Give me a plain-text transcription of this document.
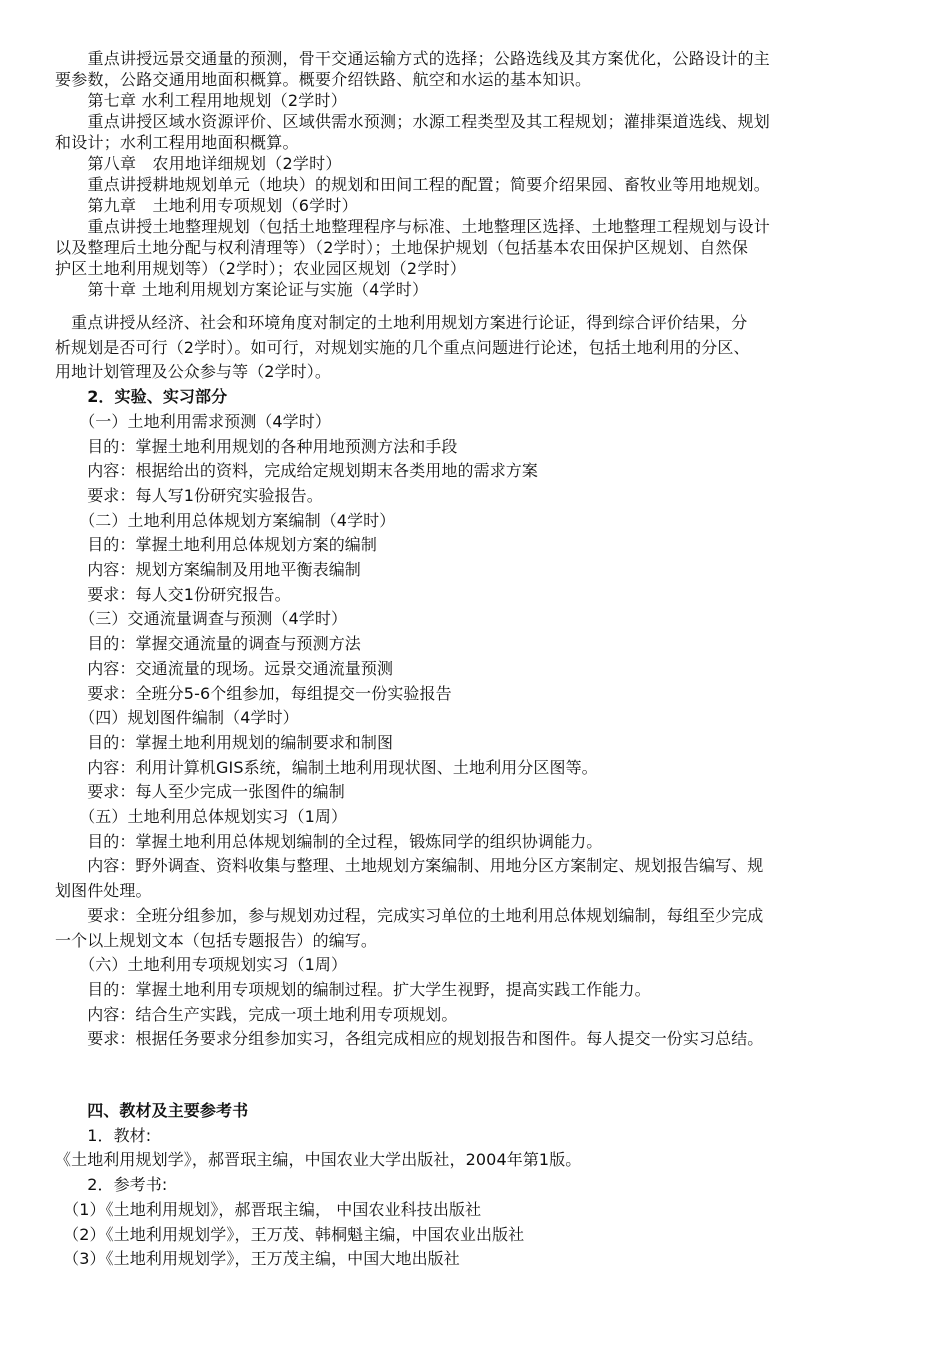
　　重点讲授远景交通量的预测，骨干交通运输方式的选择；公路选线及其方案优化，公路设计的主
要参数，公路交通用地面积概算。概要介绍铁路、航空和水运的基本知识。
　　第七章 水利工程用地规划（2学时）
　　重点讲授区域水资源评价、区域供需水预测；水源工程类型及其工程规划；灌排渠道选线、规划
和设计；水利工程用地面积概算。
　　第八章　农用地详细规划（2学时）
　　重点讲授耕地规划单元（地块）的规划和田间工程的配置；简要介绍果园、畜牧业等用地规划。
　　第九章　土地利用专项规划（6学时）
　　重点讲授土地整理规划（包括土地整理程序与标准、土地整理区选择、土地整理工程规划与设计
以及整理后土地分配与权利清理等）（2学时）；土地保护规划（包括基本农田保护区规划、自然保
护区土地利用规划等）（2学时）；农业园区规划（2学时）
　　第十章 土地利用规划方案论证与实施（4学时）
　重点讲授从经济、社会和环境角度对制定的土地利用规划方案进行论证，得到综合评价结果，分
析规划是否可行（2学时）。如可行，对规划实施的几个重点问题进行论述，包括土地利用的分区、
用地计划管理及公众参与等（2学时）。
　　2．实验、实习部分
　　（一）土地利用需求预测（4学时）
　　目的：掌握土地利用规划的各种用地预测方法和手段
　　内容：根据给出的资料，完成给定规划期末各类用地的需求方案
　　要求：每人写1份研究实验报告。
　　（二）土地利用总体规划方案编制（4学时）
　　目的：掌握土地利用总体规划方案的编制
　　内容：规划方案编制及用地平衡表编制
　　要求：每人交1份研究报告。
　　（三）交通流量调查与预测（4学时）
　　目的：掌握交通流量的调查与预测方法
　　内容：交通流量的现场。远景交通流量预测
　　要求：全班分5-6个组参加，每组提交一份实验报告
　　（四）规划图件编制（4学时）
　　目的：掌握土地利用规划的编制要求和制图
　　内容：利用计算机GIS系统，编制土地利用现状图、土地利用分区图等。
　　要求：每人至少完成一张图件的编制
　　（五）土地利用总体规划实习（1周）
　　目的：掌握土地利用总体规划编制的全过程，锻炼同学的组织协调能力。
　　内容：野外调查、资料收集与整理、土地规划方案编制、用地分区方案制定、规划报告编写、规
划图件处理。
　　要求：全班分组参加，参与规划劝过程，完成实习单位的土地利用总体规划编制，每组至少完成
一个以上规划文本（包括专题报告）的编写。
　　（六）土地利用专项规划实习（1周）
　　目的：掌握土地利用专项规划的编制过程。扩大学生视野，提高实践工作能力。
　　内容：结合生产实践，完成一项土地利用专项规划。
　　要求：根据任务要求分组参加实习，各组完成相应的规划报告和图件。每人提交一份实习总结。
　　四、教材及主要参考书
　　1．教材:
《土地利用规划学》，郝晋珉主编，中国农业大学出版社，2004年第1版。
　　2．参考书:
　（1）《土地利用规划》，郝晋珉主编， 中国农业科技出版社
　（2）《土地利用规划学》，王万茂、韩桐魁主编，中国农业出版社
　（3）《土地利用规划学》，王万茂主编，中国大地出版社
